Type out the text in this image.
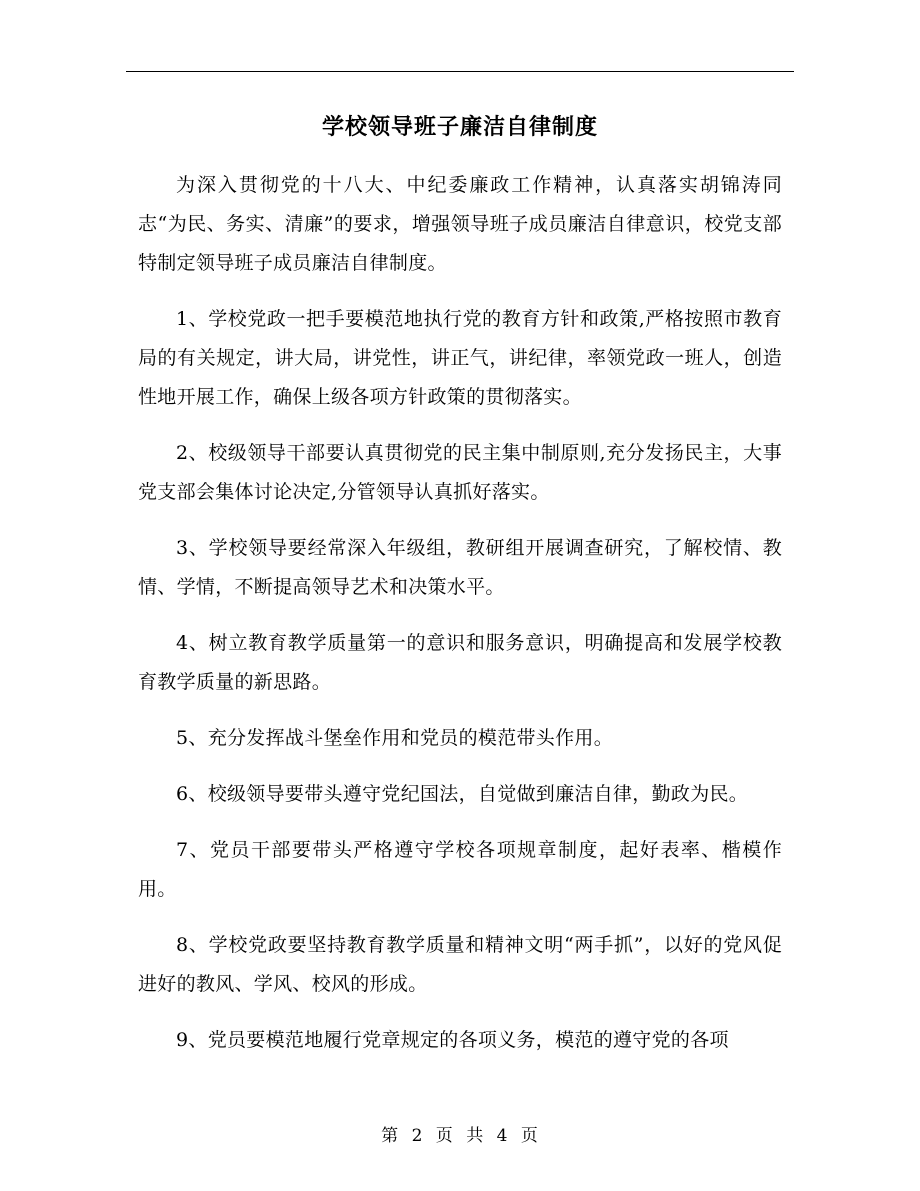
学校领导班子廉洁自律制度

为深入贯彻党的十八大、中纪委廉政工作精神，认真落实胡锦涛同志“为民、务实、清廉”的要求，增强领导班子成员廉洁自律意识，校党支部特制定领导班子成员廉洁自律制度。

1、学校党政一把手要模范地执行党的教育方针和政策,严格按照市教育局的有关规定，讲大局，讲党性，讲正气，讲纪律，率领党政一班人，创造性地开展工作，确保上级各项方针政策的贯彻落实。

2、校级领导干部要认真贯彻党的民主集中制原则,充分发扬民主，大事党支部会集体讨论决定,分管领导认真抓好落实。

3、学校领导要经常深入年级组，教研组开展调查研究，了解校情、教情、学情，不断提高领导艺术和决策水平。

4、树立教育教学质量第一的意识和服务意识，明确提高和发展学校教育教学质量的新思路。

5、充分发挥战斗堡垒作用和党员的模范带头作用。

6、校级领导要带头遵守党纪国法，自觉做到廉洁自律，勤政为民。

7、党员干部要带头严格遵守学校各项规章制度，起好表率、楷模作用。

8、学校党政要坚持教育教学质量和精神文明“两手抓”，以好的党风促进好的教风、学风、校风的形成。

9、党员要模范地履行党章规定的各项义务，模范的遵守党的各项

第 2 页 共 4 页
